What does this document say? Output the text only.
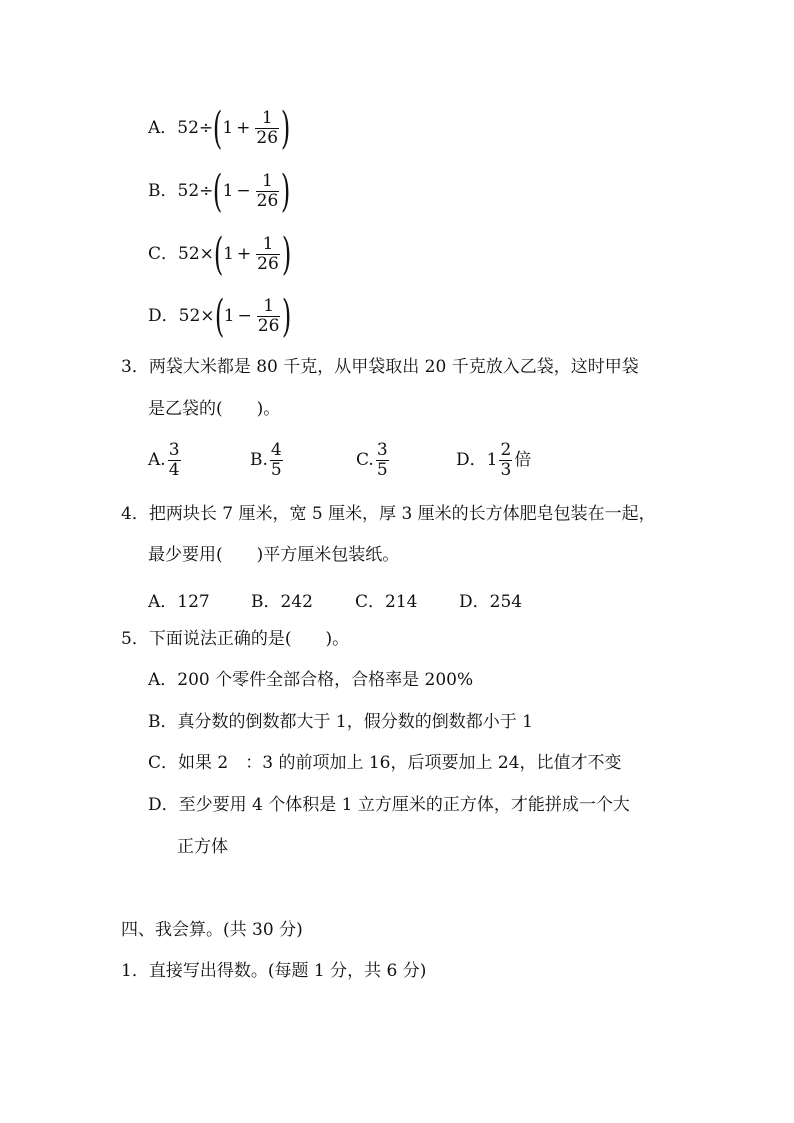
A．$52\div(1 + \frac{1}{26}$ )
B．$52\div(1 - \frac{1}{26}$ )
C．$52\times(1 + \frac{1}{26}$ )
D．$52\times(1 - \frac{1}{26}$ )
3．两袋大米都是 80 千克，从甲袋取出 20 千克放入乙袋，这时甲袋
是乙袋的(　　)。
A. $\frac{3}{4}$	B. $\frac{4}{5}$	C. $\frac{3}{5}$	D．$1 \frac{2}{3}$ 倍
4．把两块长 7 厘米，宽 5 厘米，厚 3 厘米的长方体肥皂包装在一起，
最少要用(　　)平方厘米包装纸。
A．127 B．242 C．214 D．254
5．下面说法正确的是(　　)。
A．200 个零件全部合格，合格率是 200%
B．真分数的倒数都大于 1，假分数的倒数都小于 1
C．如果 2　：3 的前项加上 16，后项要加上 24，比值才不变
D．至少要用 4 个体积是 1 立方厘米的正方体，才能拼成一个大
正方体
四、我会算。(共 30 分)
1．直接写出得数。(每题 1 分，共 6 分)
